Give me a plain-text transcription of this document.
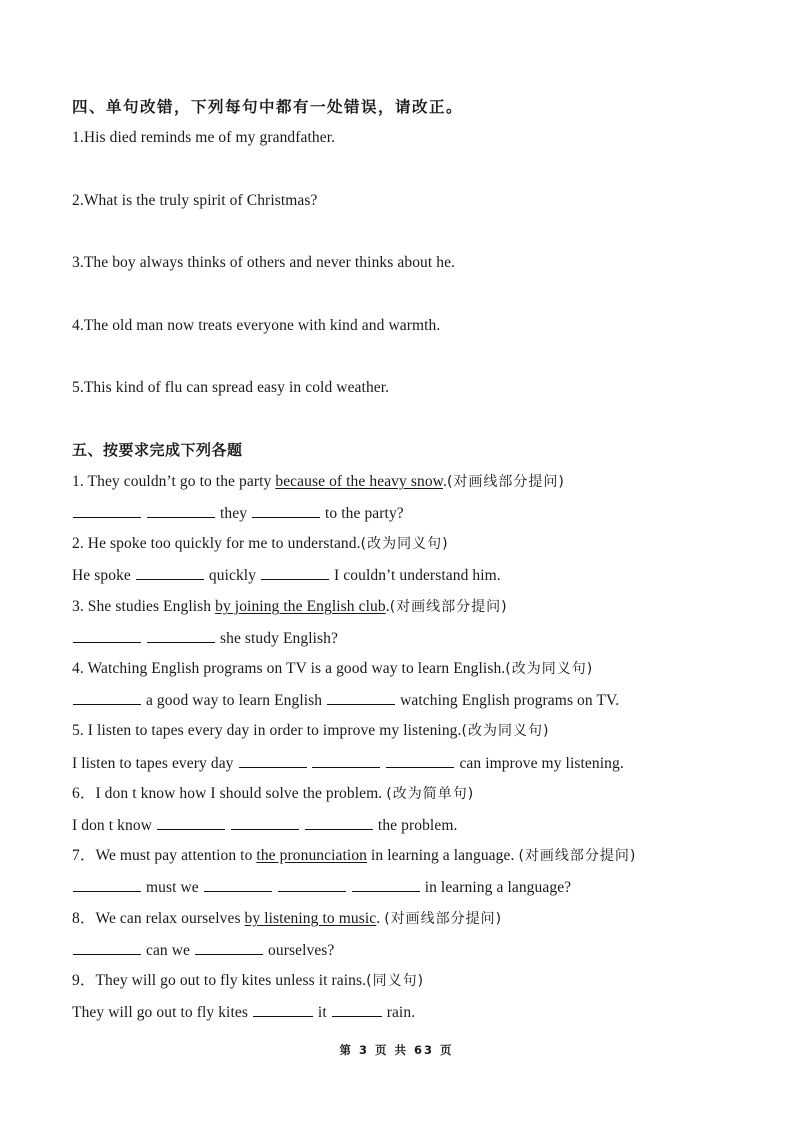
四、单句改错，下列每句中都有一处错误，请改正。
1.His died reminds me of my grandfather.
2.What is the truly spirit of Christmas?
3.The boy always thinks of others and never thinks about he.
4.The old man now treats everyone with kind and warmth.
5.This kind of flu can spread easy in cold weather.
五、按要求完成下列各题
1. They couldn’t go to the party because of the heavy snow.(对画线部分提问)
they	to the party?
2. He spoke too quickly for me to understand.(改为同义句)
He spoke	quickly	I couldn’t understand him.
3. She studies English by joining the English club.(对画线部分提问)
she study English?
4. Watching English programs on TV is a good way to learn English.(改为同义句)
a good way to learn English	watching English programs on TV.
5. I listen to tapes every day in order to improve my listening.(改为同义句)
I listen to tapes every day	can improve my listening.
6．I don t know how I should solve the problem. (改为简单句)
I don t know	the problem.
7．We must pay attention to the pronunciation in learning a language. (对画线部分提问)
must we	in learning a language?
8．We can relax ourselves by listening to music. (对画线部分提问)
can we	ourselves?
9．They will go out to fly kites unless it rains.(同义句)
They will go out to fly kites	it	rain.
第 3 页 共 63 页
